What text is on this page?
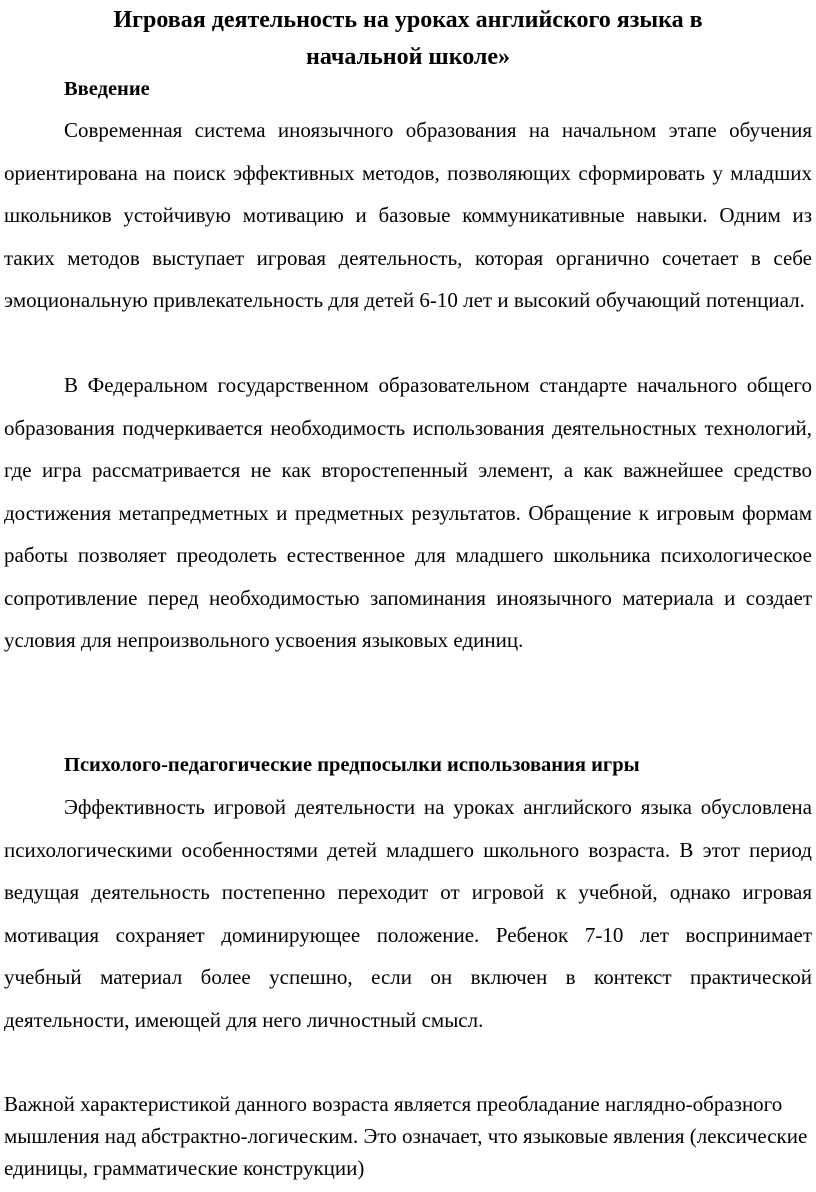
Игровая деятельность на уроках английского языка в
начальной школе»
Введение

Современная система иноязычного образования на начальном этапе обучения ориентирована на поиск эффективных методов, позволяющих сформировать у младших школьников устойчивую мотивацию и базовые коммуникативные навыки. Одним из таких методов выступает игровая деятельность, которая органично сочетает в себе эмоциональную привлекательность для детей 6-10 лет и высокий обучающий потенциал.

В Федеральном государственном образовательном стандарте начального общего образования подчеркивается необходимость использования деятельностных технологий, где игра рассматривается не как второстепенный элемент, а как важнейшее средство достижения метапредметных и предметных результатов. Обращение к игровым формам работы позволяет преодолеть естественное для младшего школьника психологическое сопротивление перед необходимостью запоминания иноязычного материала и создает условия для непроизвольного усвоения языковых единиц.

Психолого-педагогические предпосылки использования игры

Эффективность игровой деятельности на уроках английского языка обусловлена психологическими особенностями детей младшего школьного возраста. В этот период ведущая деятельность постепенно переходит от игровой к учебной, однако игровая мотивация сохраняет доминирующее положение. Ребенок 7-10 лет воспринимает учебный материал более успешно, если он включен в контекст практической деятельности, имеющей для него личностный смысл.

Важной характеристикой данного возраста является преобладание наглядно-образного мышления над абстрактно-логическим. Это означает, что языковые явления (лексические единицы, грамматические конструкции)
